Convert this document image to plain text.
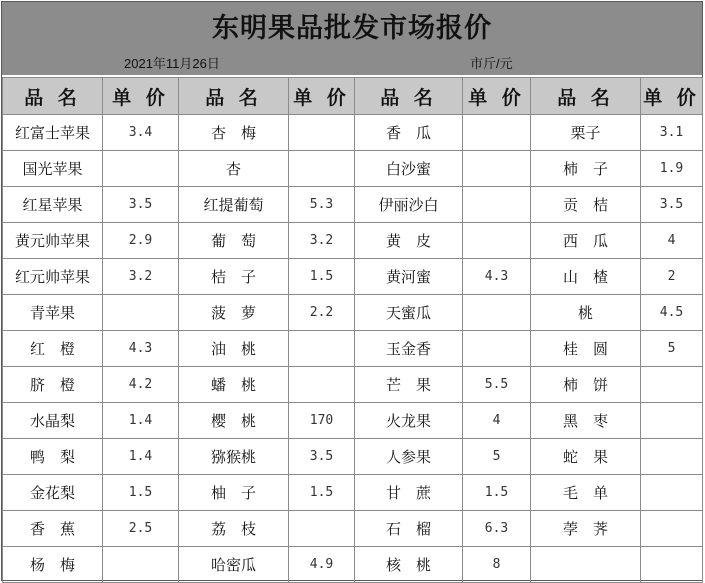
东明果品批发市场报价
2021年11月26日	市斤/元
品 名	单 价	品 名	单 价	品 名	单 价	品 名	单 价
红富士苹果	3.4	杏　梅		香　瓜		栗子	3.1
国光苹果		杏		白沙蜜		柿　子	1.9
红星苹果	3.5	红提葡萄	5.3	伊丽沙白		贡　桔	3.5
黄元帅苹果	2.9	葡　萄	3.2	黄　皮		西　瓜	4
红元帅苹果	3.2	桔　子	1.5	黄河蜜	4.3	山　楂	2
青苹果		菠　萝	2.2	天蜜瓜		桃	4.5
红　橙	4.3	油　桃		玉金香		桂　圆	5
脐　橙	4.2	蟠　桃		芒　果	5.5	柿　饼	
水晶梨	1.4	樱　桃	170	火龙果	4	黑　枣	
鸭　梨	1.4	猕猴桃	3.5	人参果	5	蛇　果	
金花梨	1.5	柚　子	1.5	甘　蔗	1.5	毛　单	
香　蕉	2.5	荔　枝		石　榴	6.3	荸　荠	
杨　梅		哈密瓜	4.9	核　桃	8		
